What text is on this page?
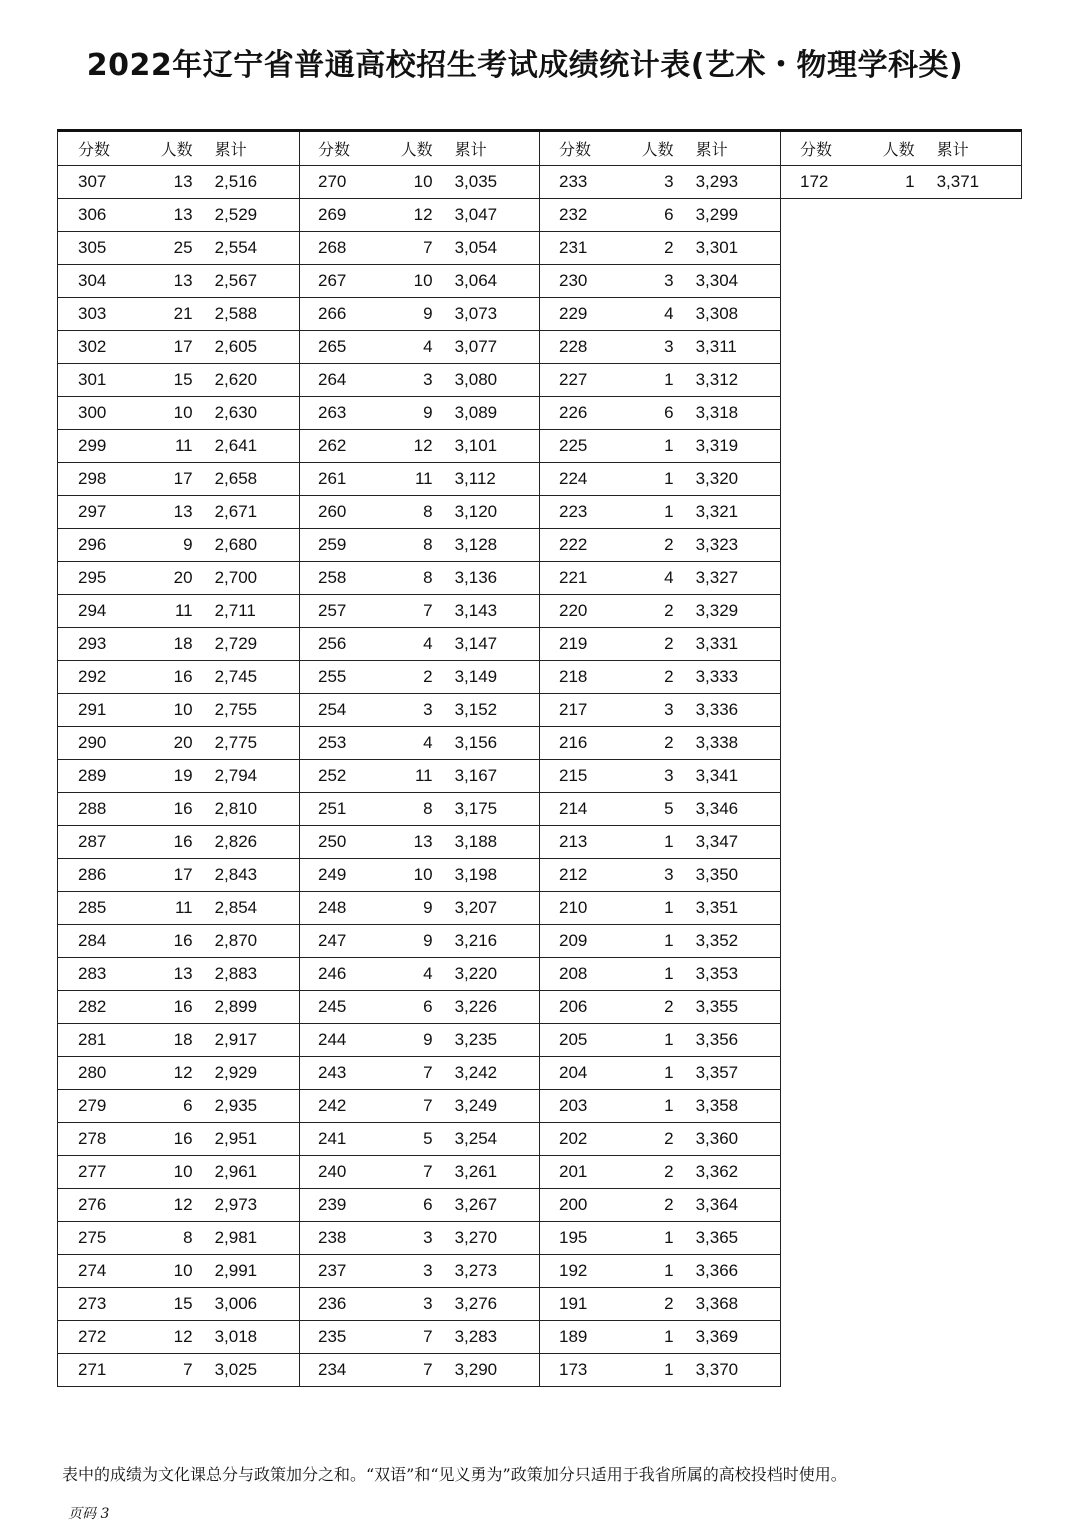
2022年辽宁省普通高校招生考试成绩统计表(艺术・物理学科类)
分数	人数	累计
307	13	2,516
306	13	2,529
305	25	2,554
304	13	2,567
303	21	2,588
302	17	2,605
301	15	2,620
300	10	2,630
299	11	2,641
298	17	2,658
297	13	2,671
296	9	2,680
295	20	2,700
294	11	2,711
293	18	2,729
292	16	2,745
291	10	2,755
290	20	2,775
289	19	2,794
288	16	2,810
287	16	2,826
286	17	2,843
285	11	2,854
284	16	2,870
283	13	2,883
282	16	2,899
281	18	2,917
280	12	2,929
279	6	2,935
278	16	2,951
277	10	2,961
276	12	2,973
275	8	2,981
274	10	2,991
273	15	3,006
272	12	3,018
271	7	3,025
分数	人数	累计
270	10	3,035
269	12	3,047
268	7	3,054
267	10	3,064
266	9	3,073
265	4	3,077
264	3	3,080
263	9	3,089
262	12	3,101
261	11	3,112
260	8	3,120
259	8	3,128
258	8	3,136
257	7	3,143
256	4	3,147
255	2	3,149
254	3	3,152
253	4	3,156
252	11	3,167
251	8	3,175
250	13	3,188
249	10	3,198
248	9	3,207
247	9	3,216
246	4	3,220
245	6	3,226
244	9	3,235
243	7	3,242
242	7	3,249
241	5	3,254
240	7	3,261
239	6	3,267
238	3	3,270
237	3	3,273
236	3	3,276
235	7	3,283
234	7	3,290
分数	人数	累计
233	3	3,293
232	6	3,299
231	2	3,301
230	3	3,304
229	4	3,308
228	3	3,311
227	1	3,312
226	6	3,318
225	1	3,319
224	1	3,320
223	1	3,321
222	2	3,323
221	4	3,327
220	2	3,329
219	2	3,331
218	2	3,333
217	3	3,336
216	2	3,338
215	3	3,341
214	5	3,346
213	1	3,347
212	3	3,350
210	1	3,351
209	1	3,352
208	1	3,353
206	2	3,355
205	1	3,356
204	1	3,357
203	1	3,358
202	2	3,360
201	2	3,362
200	2	3,364
195	1	3,365
192	1	3,366
191	2	3,368
189	1	3,369
173	1	3,370
分数	人数	累计
172	1	3,371
表中的成绩为文化课总分与政策加分之和。“双语”和“见义勇为”政策加分只适用于我省所属的高校投档时使用。
页码 3
